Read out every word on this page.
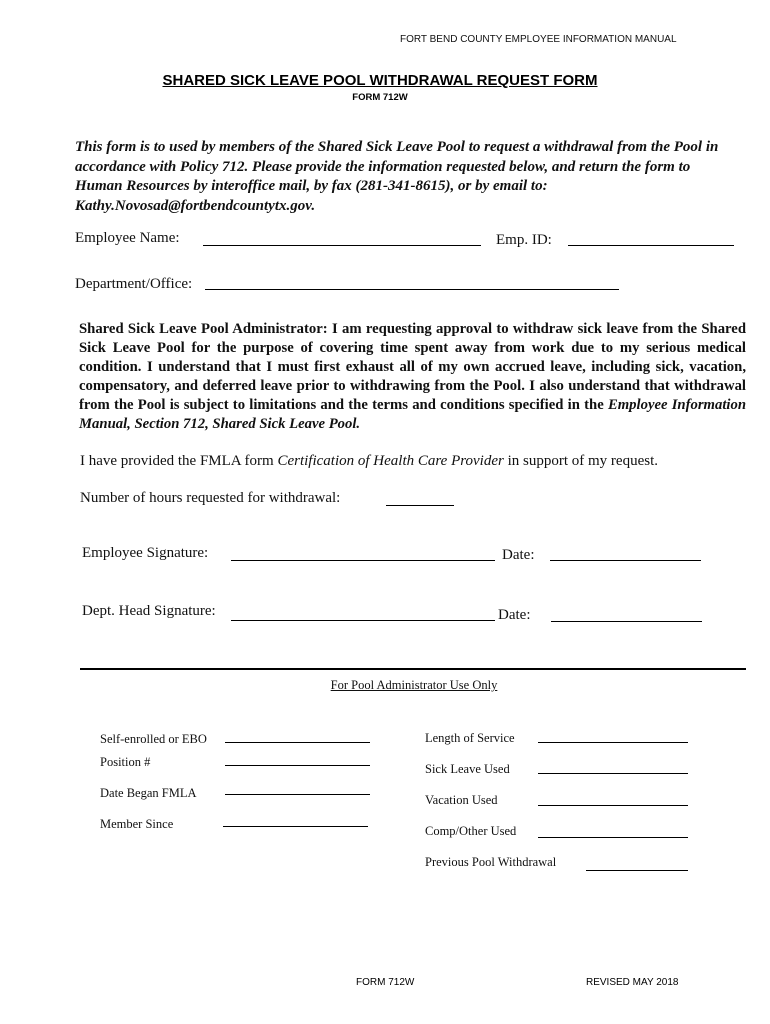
FORT BEND COUNTY EMPLOYEE INFORMATION MANUAL
SHARED SICK LEAVE POOL WITHDRAWAL REQUEST FORM
FORM 712W
This form is to used by members of the Shared Sick Leave Pool to request a withdrawal from the Pool in accordance with Policy 712. Please provide the information requested below, and return the form to Human Resources by interoffice mail, by fax (281-341-8615), or by email to: Kathy.Novosad@fortbendcountytx.gov.
Employee Name:	Emp. ID:
Department/Office:
Shared Sick Leave Pool Administrator: I am requesting approval to withdraw sick leave from the Shared Sick Leave Pool for the purpose of covering time spent away from work due to my serious medical condition. I understand that I must first exhaust all of my own accrued leave, including sick, vacation, compensatory, and deferred leave prior to withdrawing from the Pool. I also understand that withdrawal from the Pool is subject to limitations and the terms and conditions specified in the Employee Information Manual, Section 712, Shared Sick Leave Pool.
I have provided the FMLA form Certification of Health Care Provider in support of my request.
Number of hours requested for withdrawal:
Employee Signature:	Date:
Dept. Head Signature:	Date:
For Pool Administrator Use Only
Self-enrolled or EBO
Position #
Date Began FMLA
Member Since
Length of Service
Sick Leave Used
Vacation Used
Comp/Other Used
Previous Pool Withdrawal
FORM 712W	REVISED MAY 2018
